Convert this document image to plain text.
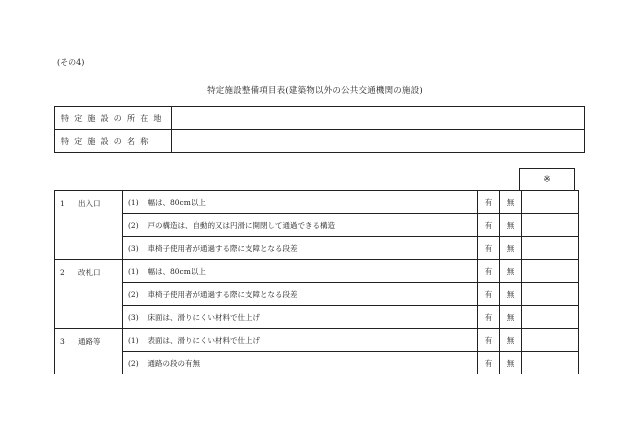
(その4)
特定施設整備項目表(建築物以外の公共交通機関の施設)
特定施設の所在地	
特定施設の名称	
※
1 出入口	(1)　 幅は、80cm以上	有	無	
	(2)　 戸の構造は、自動的又は円滑に開閉して通過できる構造	有	無	
	(3)　 車椅子使用者が通過する際に支障となる段差	有	無	
2 改札口	(1)　 幅は、80cm以上	有	無	
	(2)　 車椅子使用者が通過する際に支障となる段差	有	無	
	(3)　 床面は、滑りにくい材料で仕上げ	有	無	
3 通路等	(1)　 表面は、滑りにくい材料で仕上げ	有	無	
	(2)　 通路の段の有無	有	無	
